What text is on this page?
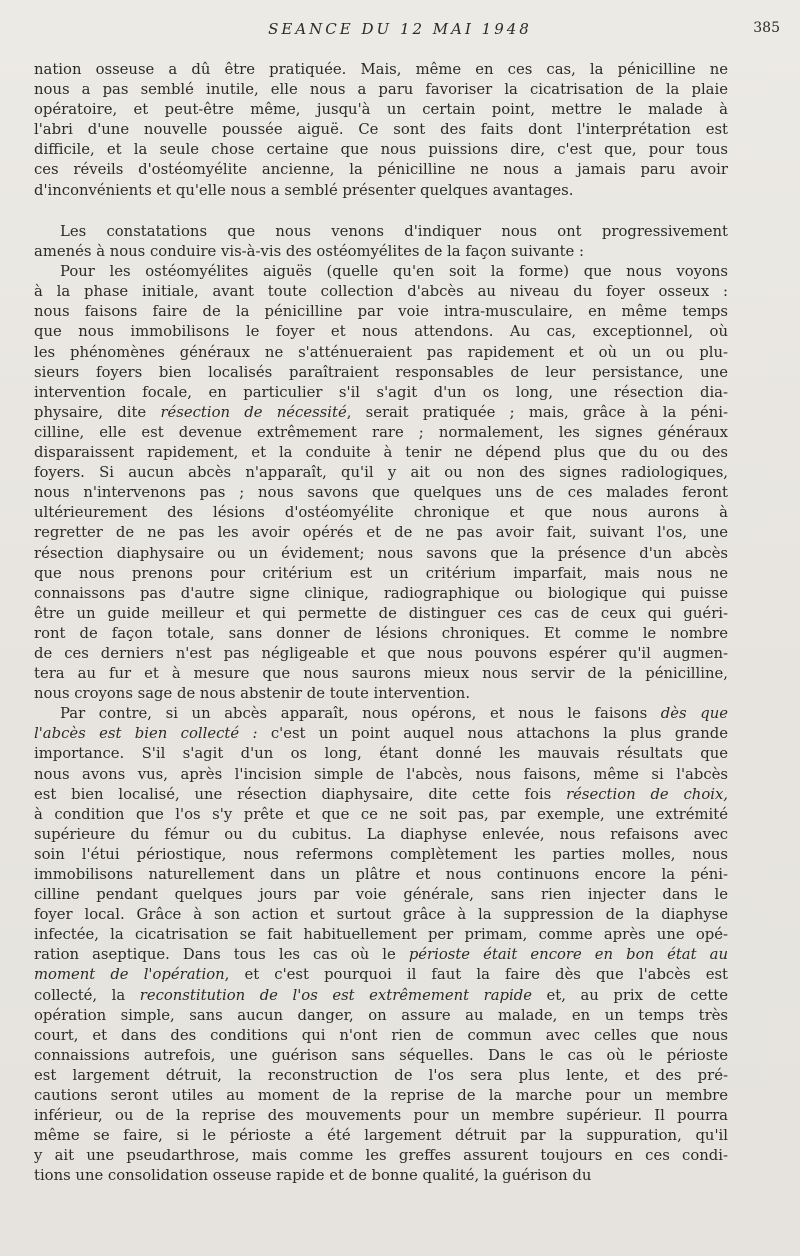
SEANCE DU 12 MAI 1948	385
nation osseuse a dû être pratiquée. Mais, même en ces cas, la pénicilline ne
nous a pas semblé inutile, elle nous a paru favoriser la cicatrisation de la plaie
opératoire, et peut-être même, jusqu'à un certain point, mettre le malade à
l'abri d'une nouvelle poussée aiguë. Ce sont des faits dont l'interprétation est
difficile, et la seule chose certaine que nous puissions dire, c'est que, pour tous
ces réveils d'ostéomyélite ancienne, la pénicilline ne nous a jamais paru avoir
d'inconvénients et qu'elle nous a semblé présenter quelques avantages.
Les constatations que nous venons d'indiquer nous ont progressivement
amenés à nous conduire vis-à-vis des ostéomyélites de la façon suivante :
Pour les ostéomyélites aiguës (quelle qu'en soit la forme) que nous voyons
à la phase initiale, avant toute collection d'abcès au niveau du foyer osseux :
nous faisons faire de la pénicilline par voie intra-musculaire, en même temps
que nous immobilisons le foyer et nous attendons. Au cas, exceptionnel, où
les phénomènes généraux ne s'atténueraient pas rapidement et où un ou plu-
sieurs foyers bien localisés paraîtraient responsables de leur persistance, une
intervention focale, en particulier s'il s'agit d'un os long, une résection dia-
physaire, dite résection de nécessité, serait pratiquée ; mais, grâce à la péni-
cilline, elle est devenue extrêmement rare ; normalement, les signes généraux
disparaissent rapidement, et la conduite à tenir ne dépend plus que du ou des
foyers. Si aucun abcès n'apparaît, qu'il y ait ou non des signes radiologiques,
nous n'intervenons pas ; nous savons que quelques uns de ces malades feront
ultérieurement des lésions d'ostéomyélite chronique et que nous aurons à
regretter de ne pas les avoir opérés et de ne pas avoir fait, suivant l'os, une
résection diaphysaire ou un évidement; nous savons que la présence d'un abcès
que nous prenons pour critérium est un critérium imparfait, mais nous ne
connaissons pas d'autre signe clinique, radiographique ou biologique qui puisse
être un guide meilleur et qui permette de distinguer ces cas de ceux qui guéri-
ront de façon totale, sans donner de lésions chroniques. Et comme le nombre
de ces derniers n'est pas négligeable et que nous pouvons espérer qu'il augmen-
tera au fur et à mesure que nous saurons mieux nous servir de la pénicilline,
nous croyons sage de nous abstenir de toute intervention.
Par contre, si un abcès apparaît, nous opérons, et nous le faisons dès que
l'abcès est bien collecté : c'est un point auquel nous attachons la plus grande
importance. S'il s'agit d'un os long, étant donné les mauvais résultats que
nous avons vus, après l'incision simple de l'abcès, nous faisons, même si l'abcès
est bien localisé, une résection diaphysaire, dite cette fois résection de choix,
à condition que l'os s'y prête et que ce ne soit pas, par exemple, une extrémité
supérieure du fémur ou du cubitus. La diaphyse enlevée, nous refaisons avec
soin l'étui périostique, nous refermons complètement les parties molles, nous
immobilisons naturellement dans un plâtre et nous continuons encore la péni-
cilline pendant quelques jours par voie générale, sans rien injecter dans le
foyer local. Grâce à son action et surtout grâce à la suppression de la diaphyse
infectée, la cicatrisation se fait habituellement per primam, comme après une opé-
ration aseptique. Dans tous les cas où le périoste était encore en bon état au
moment de l'opération, et c'est pourquoi il faut la faire dès que l'abcès est
collecté, la reconstitution de l'os est extrêmement rapide et, au prix de cette
opération simple, sans aucun danger, on assure au malade, en un temps très
court, et dans des conditions qui n'ont rien de commun avec celles que nous
connaissions autrefois, une guérison sans séquelles. Dans le cas où le périoste
est largement détruit, la reconstruction de l'os sera plus lente, et des pré-
cautions seront utiles au moment de la reprise de la marche pour un membre
inférieur, ou de la reprise des mouvements pour un membre supérieur. Il pourra
même se faire, si le périoste a été largement détruit par la suppuration, qu'il
y ait une pseudarthrose, mais comme les greffes assurent toujours en ces condi-
tions une consolidation osseuse rapide et de bonne qualité, la guérison du
